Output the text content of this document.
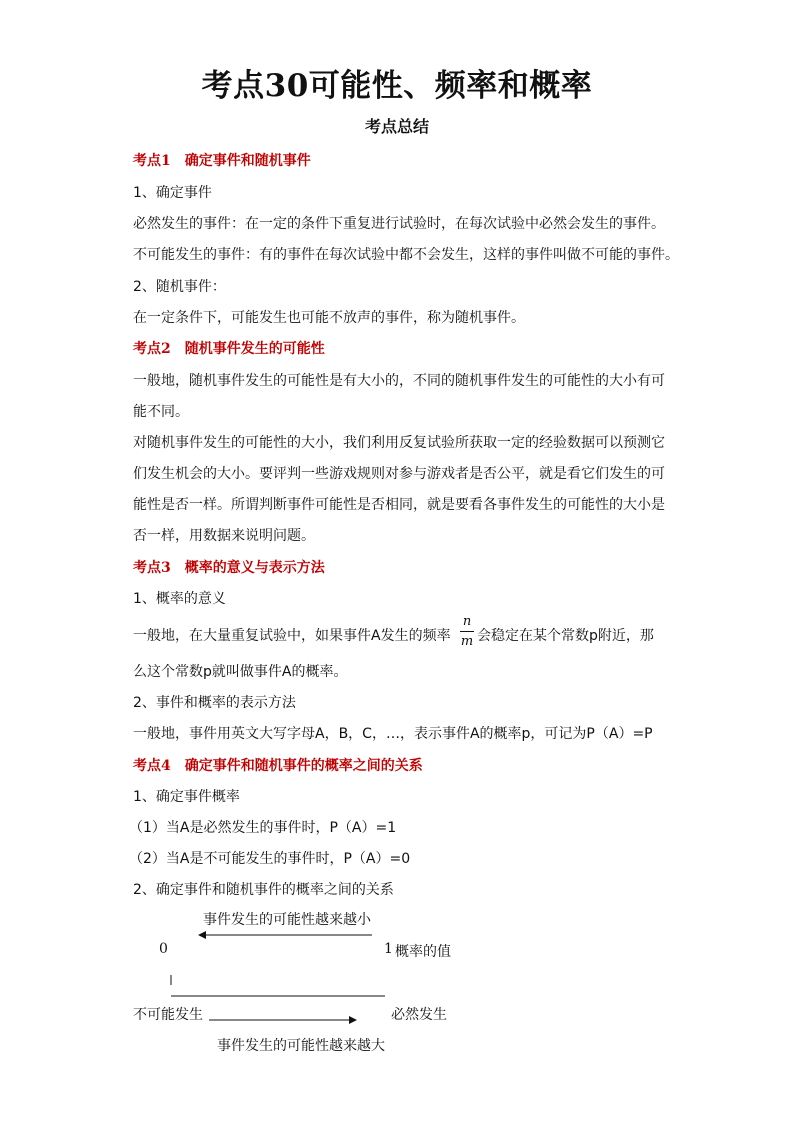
考点30可能性、频率和概率
考点总结
考点1　确定事件和随机事件
1、确定事件
必然发生的事件：在一定的条件下重复进行试验时，在每次试验中必然会发生的事件。
不可能发生的事件：有的事件在每次试验中都不会发生，这样的事件叫做不可能的事件。
2、随机事件：
在一定条件下，可能发生也可能不放声的事件，称为随机事件。
考点2　随机事件发生的可能性
一般地，随机事件发生的可能性是有大小的，不同的随机事件发生的可能性的大小有可
能不同。
对随机事件发生的可能性的大小，我们利用反复试验所获取一定的经验数据可以预测它
们发生机会的大小。要评判一些游戏规则对参与游戏者是否公平，就是看它们发生的可
能性是否一样。所谓判断事件可能性是否相同，就是要看各事件发生的可能性的大小是
否一样，用数据来说明问题。
考点3　概率的意义与表示方法
1、概率的意义
一般地，在大量重复试验中，如果事件A发生的频率
n
m 会稳定在某个常数p附近，那
么这个常数p就叫做事件A的概率。
2、事件和概率的表示方法
一般地，事件用英文大写字母A，B，C，…，表示事件A的概率p，可记为P（A）=P
考点4　确定事件和随机事件的概率之间的关系
1、确定事件概率
（1）当A是必然发生的事件时，P（A）=1
（2）当A是不可能发生的事件时，P（A）=0
2、确定事件和随机事件的概率之间的关系
事件发生的可能性越来越小
0	1 概率的值
不可能发生	必然发生
事件发生的可能性越来越大
